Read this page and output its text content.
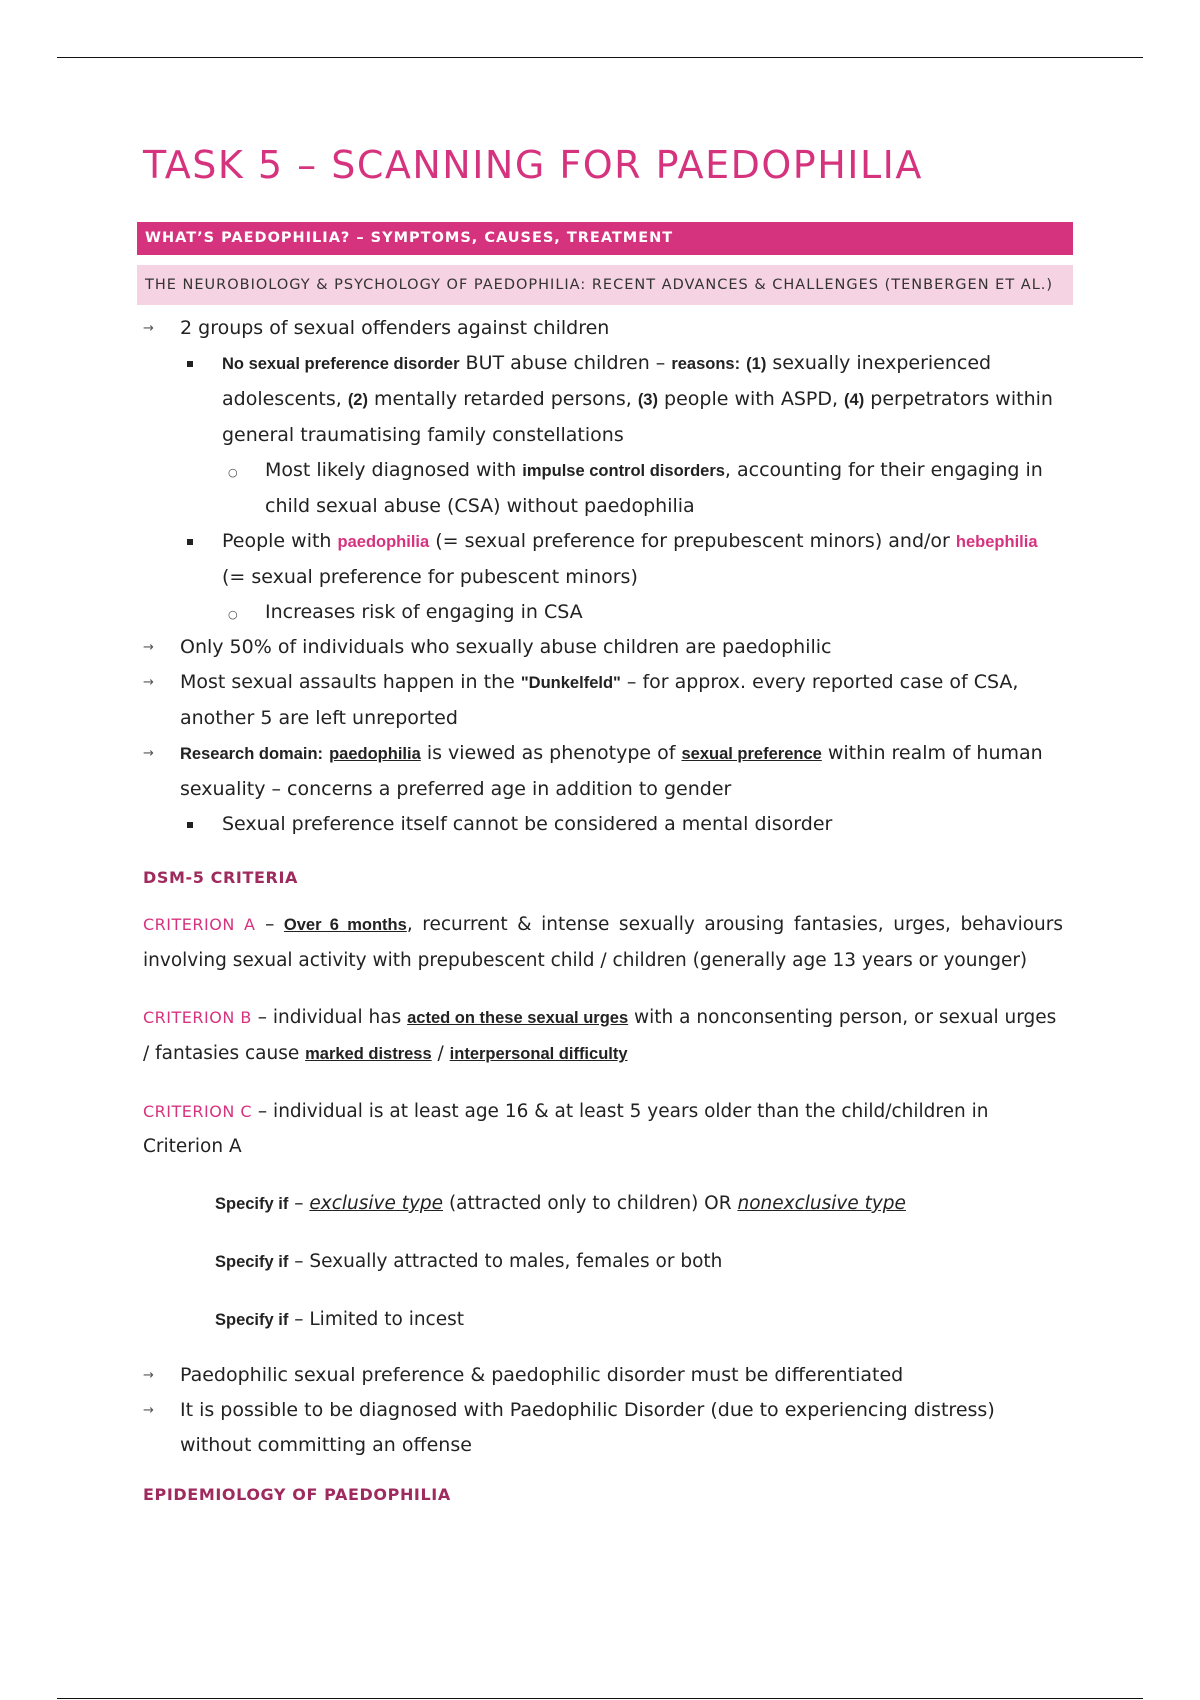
TASK 5 – SCANNING FOR PAEDOPHILIA
WHAT’S PAEDOPHILIA? – SYMPTOMS, CAUSES, TREATMENT
THE NEUROBIOLOGY & PSYCHOLOGY OF PAEDOPHILIA: RECENT ADVANCES & CHALLENGES (TENBERGEN ET AL.)
→ 2 groups of sexual offenders against children
No sexual preference disorder BUT abuse children – reasons: (1) sexually inexperienced adolescents, (2) mentally retarded persons, (3) people with ASPD, (4) perpetrators within general traumatising family constellations
○ Most likely diagnosed with impulse control disorders, accounting for their engaging in child sexual abuse (CSA) without paedophilia
People with paedophilia (= sexual preference for prepubescent minors) and/or hebephilia (= sexual preference for pubescent minors)
○ Increases risk of engaging in CSA
→ Only 50% of individuals who sexually abuse children are paedophilic
→ Most sexual assaults happen in the "Dunkelfeld" – for approx. every reported case of CSA, another 5 are left unreported
→ Research domain: paedophilia is viewed as phenotype of sexual preference within realm of human sexuality – concerns a preferred age in addition to gender
Sexual preference itself cannot be considered a mental disorder
DSM-5 CRITERIA
CRITERION A – Over 6 months, recurrent & intense sexually arousing fantasies, urges, behaviours involving sexual activity with prepubescent child / children (generally age 13 years or younger)
CRITERION B – individual has acted on these sexual urges with a nonconsenting person, or sexual urges / fantasies cause marked distress / interpersonal difficulty
CRITERION C – individual is at least age 16 & at least 5 years older than the child/children in Criterion A
Specify if – exclusive type (attracted only to children) OR nonexclusive type
Specify if – Sexually attracted to males, females or both
Specify if – Limited to incest
→ Paedophilic sexual preference & paedophilic disorder must be differentiated
→ It is possible to be diagnosed with Paedophilic Disorder (due to experiencing distress) without committing an offense
EPIDEMIOLOGY OF PAEDOPHILIA
